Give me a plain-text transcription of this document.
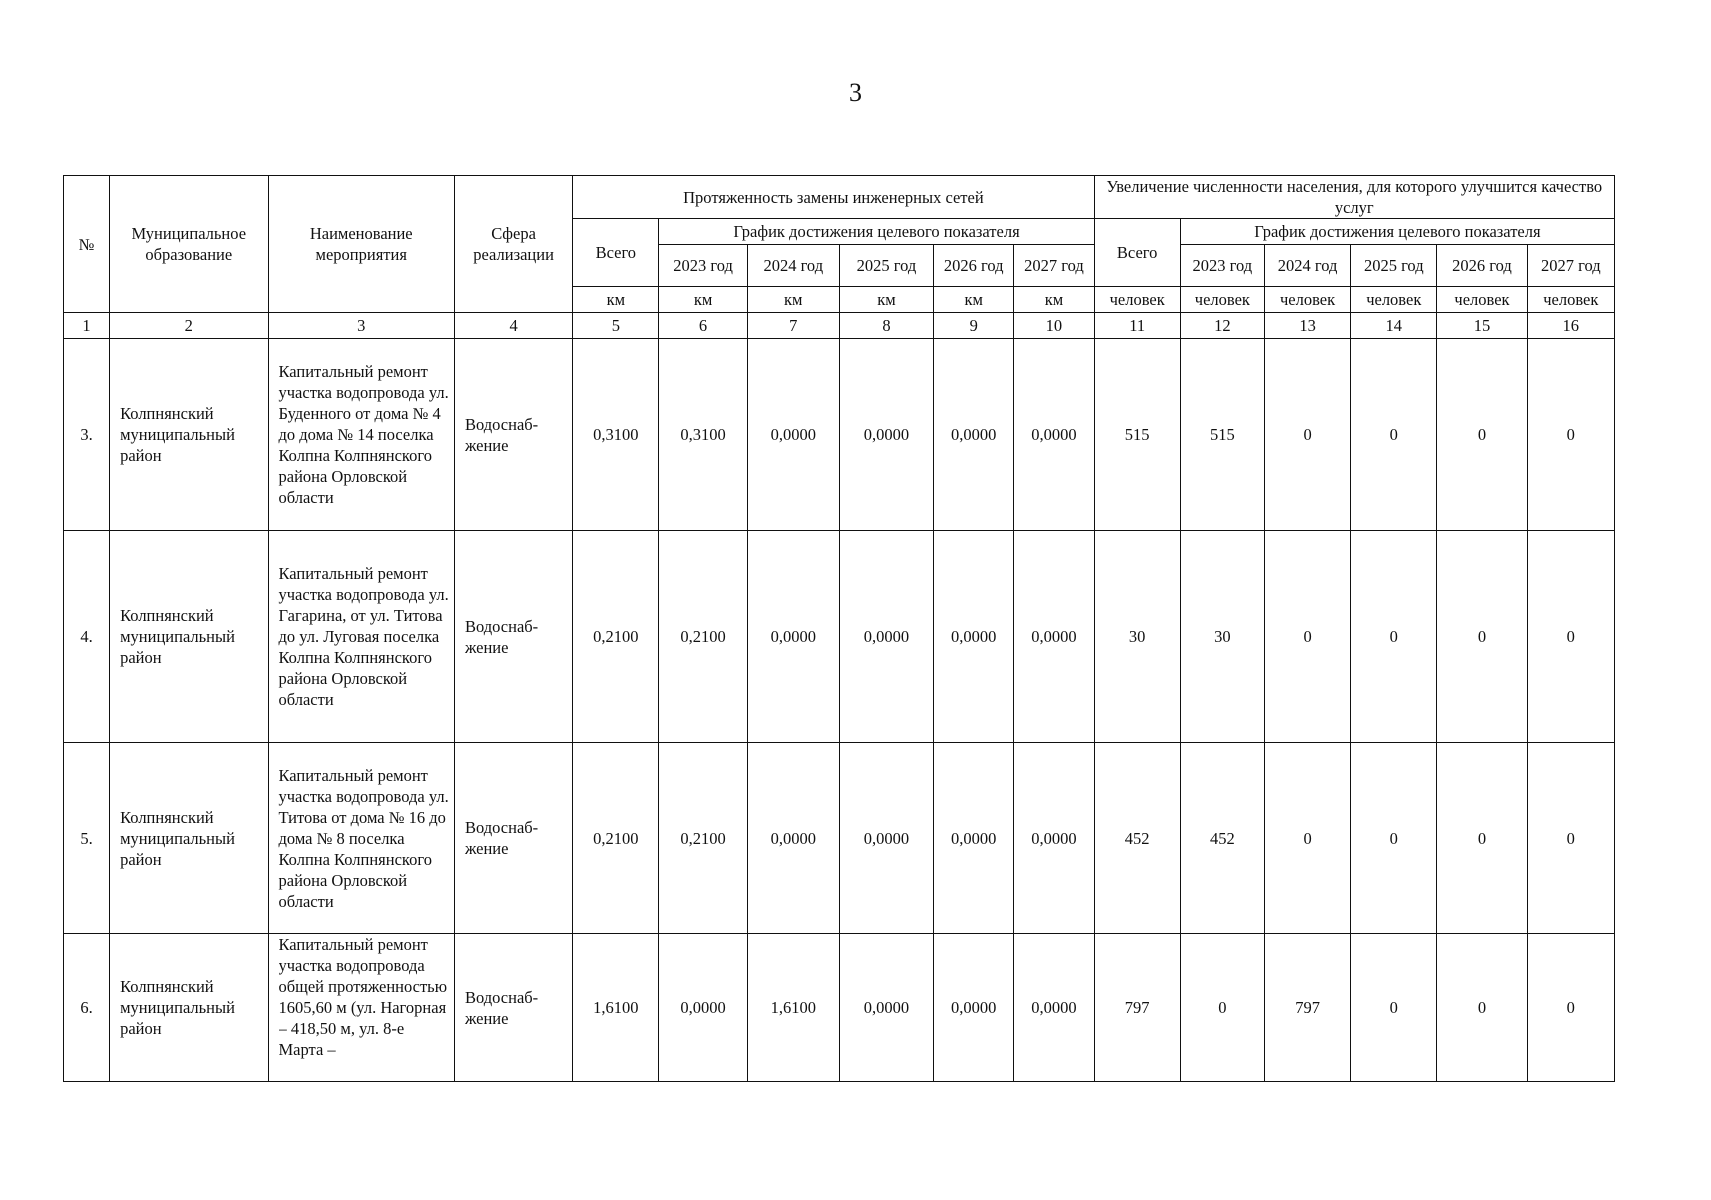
3
№	Муниципальное образование	Наименование мероприятия	Сфера реализации	Протяженность замены инженерных сетей						Увеличение численности населения, для которого улучшится качество услуг					
				Всего	График достижения целевого показателя					Всего	График достижения целевого показателя				
					2023 год	2024 год	2025 год	2026 год	2027 год		2023 год	2024 год	2025 год	2026 год	2027 год
				км	км	км	км	км	км	человек	человек	человек	человек	человек	человек
1	2	3	4	5	6	7	8	9	10	11	12	13	14	15	16
3.	Колпнянский муниципальный район	Капитальный ремонт участка водопровода ул. Буденного от дома № 4 до дома № 14 поселка Колпна Колпнянского района Орловской области	Водоснаб- жение	0,3100	0,3100	0,0000	0,0000	0,0000	0,0000	515	515	0	0	0	0
4.	Колпнянский муниципальный район	Капитальный ремонт участка водопровода ул. Гагарина, от ул. Титова до ул. Луговая поселка Колпна Колпнянского района Орловской области	Водоснаб- жение	0,2100	0,2100	0,0000	0,0000	0,0000	0,0000	30	30	0	0	0	0
5.	Колпнянский муниципальный район	Капитальный ремонт участка водопровода ул. Титова от дома № 16 до дома № 8 поселка Колпна Колпнянского района Орловской области	Водоснаб- жение	0,2100	0,2100	0,0000	0,0000	0,0000	0,0000	452	452	0	0	0	0
6.	Колпнянский муниципальный район	Капитальный ремонт участка водопровода общей протяженностью 1605,60 м (ул. Нагорная – 418,50 м, ул. 8-е Марта –	Водоснаб- жение	1,6100	0,0000	1,6100	0,0000	0,0000	0,0000	797	0	797	0	0	0
